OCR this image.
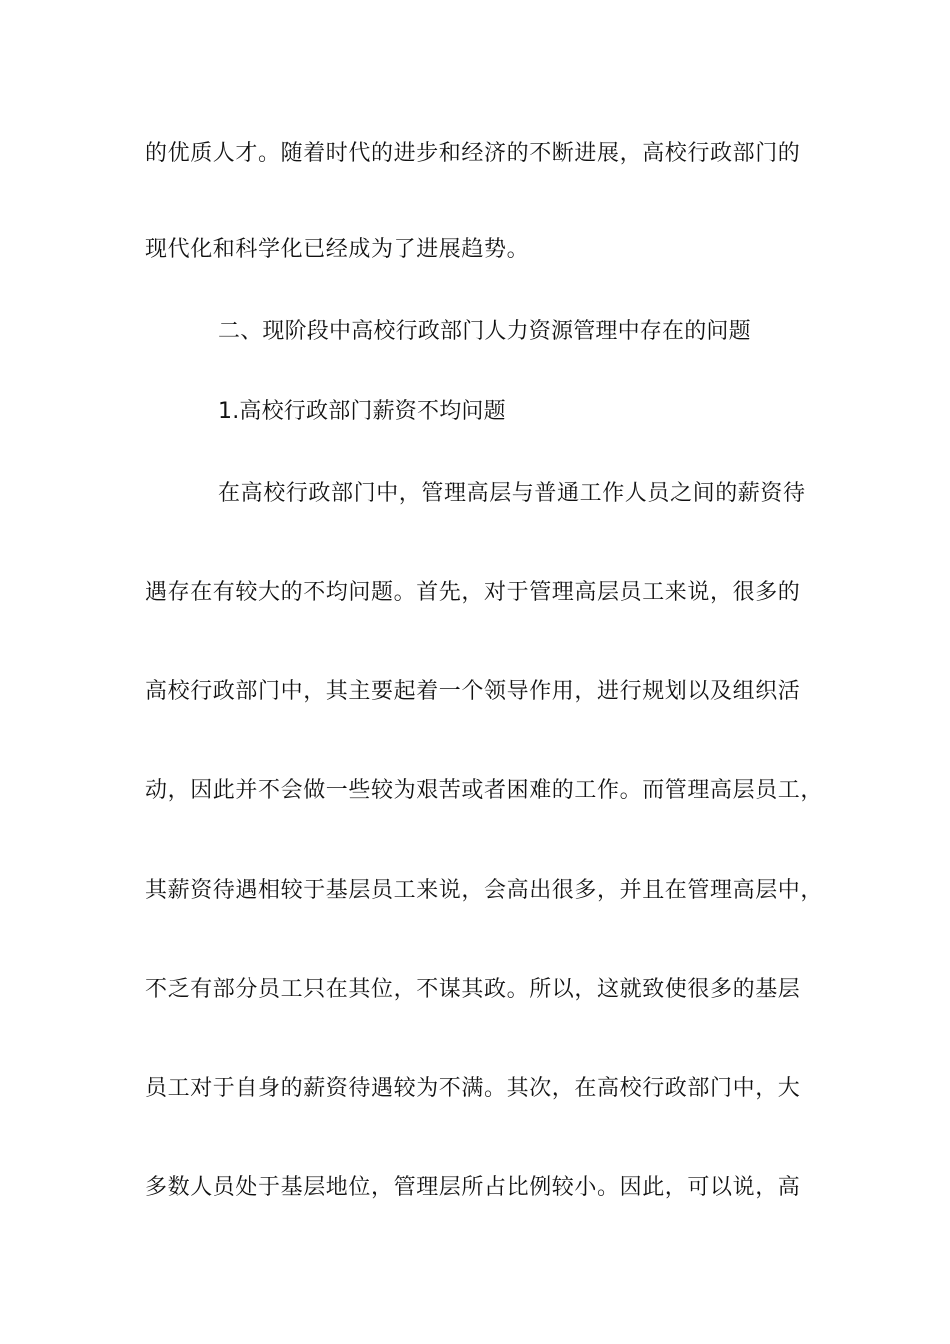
的优质人才。随着时代的进步和经济的不断进展，高校行政部门的
现代化和科学化已经成为了进展趋势。
二、现阶段中高校行政部门人力资源管理中存在的问题
1.高校行政部门薪资不均问题
在高校行政部门中，管理高层与普通工作人员之间的薪资待
遇存在有较大的不均问题。首先，对于管理高层员工来说，很多的
高校行政部门中，其主要起着一个领导作用，进行规划以及组织活
动，因此并不会做一些较为艰苦或者困难的工作。而管理高层员工，
其薪资待遇相较于基层员工来说，会高出很多，并且在管理高层中，
不乏有部分员工只在其位，不谋其政。所以，这就致使很多的基层
员工对于自身的薪资待遇较为不满。其次，在高校行政部门中，大
多数人员处于基层地位，管理层所占比例较小。因此，可以说，高
